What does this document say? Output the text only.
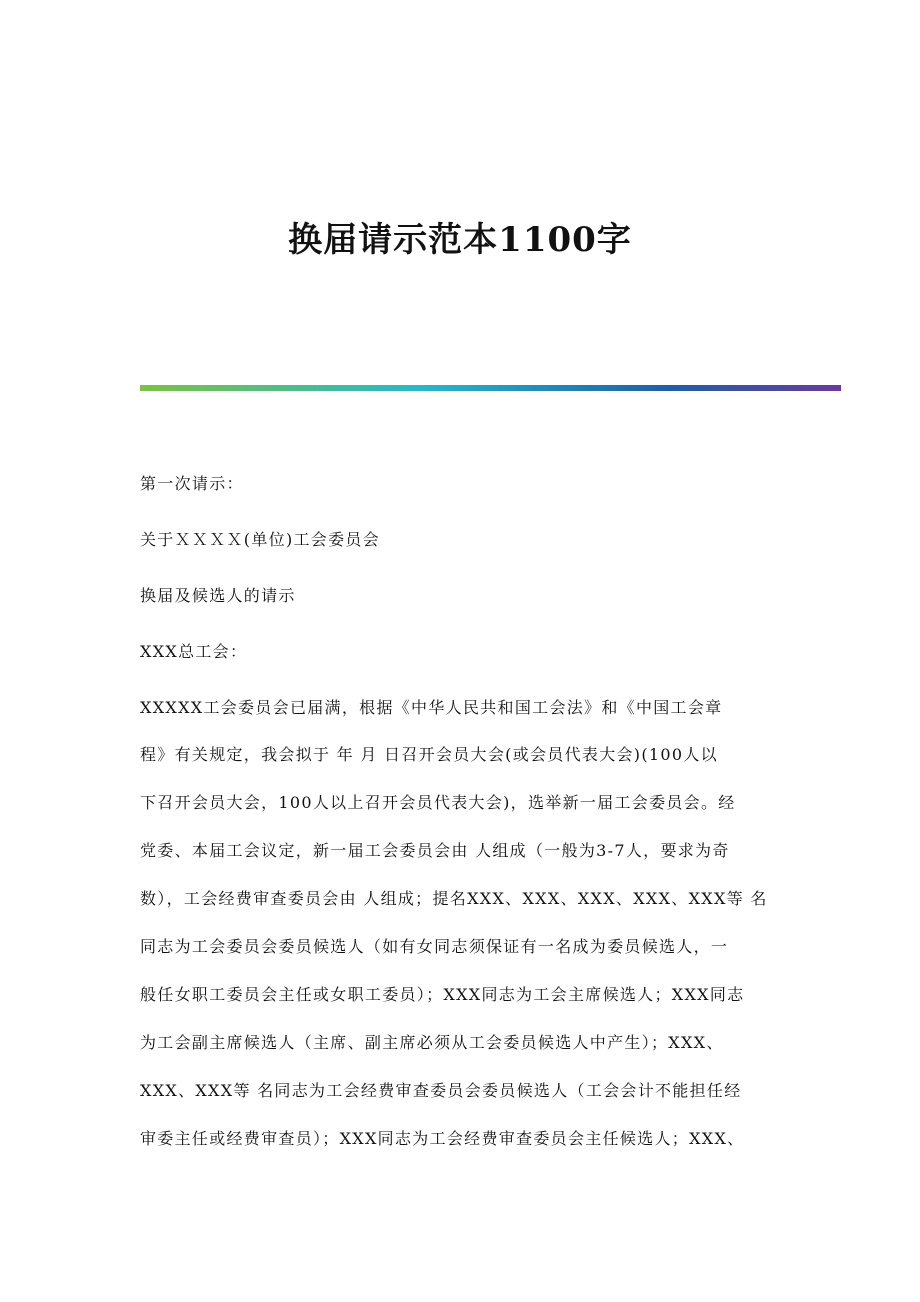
换届请示范本1100字
第一次请示：
关于ＸＸＸＸ(单位)工会委员会
换届及候选人的请示
XXX总工会：
XXXXX工会委员会已届满，根据《中华人民共和国工会法》和《中国工会章
程》有关规定，我会拟于 年 月 日召开会员大会(或会员代表大会)(100人以
下召开会员大会，100人以上召开会员代表大会)，选举新一届工会委员会。经
党委、本届工会议定，新一届工会委员会由 人组成（一般为3-7人，要求为奇
数），工会经费审查委员会由 人组成；提名XXX、XXX、XXX、XXX、XXX等 名
同志为工会委员会委员候选人（如有女同志须保证有一名成为委员候选人，一
般任女职工委员会主任或女职工委员）；XXX同志为工会主席候选人；XXX同志
为工会副主席候选人（主席、副主席必须从工会委员候选人中产生）；XXX、
XXX、XXX等 名同志为工会经费审查委员会委员候选人（工会会计不能担任经
审委主任或经费审查员）；XXX同志为工会经费审查委员会主任候选人；XXX、
